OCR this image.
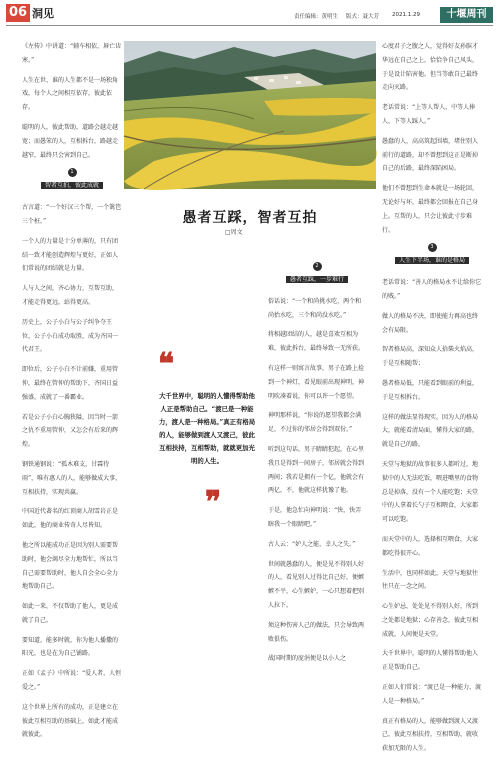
06 洞见	责任编辑：黄明生 版式：聂大芳 2021.1.29	十堰周刊

《左传》中讲道：“辅车相依，唇亡齿寒。”

人生在世，谁的人生都不是一场独角戏，每个人之间相互依存，彼此依存。

聪明的人，彼此帮助，道路会越走越宽；而愚笨的人，互相拆台，路越走越窄，最终只会害到自己。

1
智者互拍，彼此成就

古言道：“一个好汉三个帮，一个篱笆三个桩。”

一个人的力量是十分单薄的，只有团结一致才能创造辉煌与更好，正如人们常说的团结就是力量。

人与人之间，齐心协力，互帮互助，才能走得更远，站得更高。

历史上，公子小白与公子纠争夺王位，公子小白成功取胜，成为齐国一代君王。

即位后，公子小白不计前嫌，重用管仲，最终在管仲的帮助下，齐国日益强盛，成就了一番霸业。

若是公子小白心胸狭隘，因当时一箭之仇不重用管仲，又怎会有后来的辉煌。

钢铁通钢说：“孤木难支，甘霖待雨”，唯有惠人的人，能够做成大事，互相扶持，实现共赢。

中国近代著名的红顶商人胡雪岩正是如此，他的商业传奇人尽皆知。

他之所以能成功正是因为别人需要帮助时，他会竭尽全力地帮忙，所以当自己需要帮助时，他人自会全心全力地帮助自己。

如此一来，不仅帮助了他人，更是成就了自己。

要知道，能多时就，你为他人播撒的阳光，也是在为自己铺路。

正如《孟子》中所说：“爱人者，人恒爱之。”

这个世界上所有的成功，正是建立在彼此互相互助的基础上，如此才能成就彼此。

愚者互踩，智者互拍
□周文
❝
大千世界中，聪明的人懂得帮助他人正是帮助自己。“渡已是一种能力，渡人是一种格局。”真正有格局的人，能够做到渡人又渡己，彼此互相扶持，互相帮助，就就更加光明的人生。
❞
2
愚者互踩，一步难行

俗话说：“一个和尚挑水吃，两个和尚抬水吃，三个和尚没水吃。”

将相越团结的人，越是喜欢互相为难，彼此拆台，最终导致一无所获。

有这样一则寓言故事，男子在路上捡到一个神灯，看见眼前出现神明，神明吹凑着说，你可以许一个愿望。

神明那样说，“你说的愿望我都会满足，不过你的邻居会得到双份。”

听到这句话，男子睛睛犯起，在心里我且是得到一间房子，邻居就会得到两间；我若是拥有一个亿，他就会有两亿，不，他就这样犹豫了他。

于是，他急忙向神明说：“快，快弄瞎我一个眼睛吧。”

古人云：“妒人之能，幸人之失。”

世间就愚蠢的人，便是见不得别人好的人，看见别人过得比自己好，便嫉嫉不平，心生嫉妒，一心只想着把别人拉下。

须这种伤害人己的做法，只会导致两败俱伤。

战国时期的庞涓便是以小人之

心度君子之腹之人，觉得好友孙膑才华远在自己之上，恰恰争自己风头，于是设计陷害他。但当等敢自己最终走向灭路。

老话常说：“上等人帮人，中等人捧人，下等人踩人。”

愚蠢的人，高高筑起围墙，堵住别人前行的道路，却不曾想到这正是断掉自己的后路，最终深陷困局。

他们不曾想到生命本就是一场轮回，无论好与坏，最终都会回报在自己身上。互帮的人，只会让彼此寸步难行。

3
人生下半场，谁的是格局

老话常说：“善人的格局永不让给你它的贱。”

做人的格局不决，即使能力再高也终会有局限。

智者格局高，深知众人拾柴火焰高，于是互相随帮；

愚者格局低，只能看到眼前的利益，于是互相拆台。

这样的做法显得现实，因为人的格局大，就能看清局面，懂得大家的路，就是自己的路。

天堂与地狱的故事很多人都听过，地狱中的人无法吃饭，喂进嘴里的食物总是掉落，没有一个人能吃饱；天堂中的人拿着长勺子互相喂食，大家都可以吃饱。

而天堂中的人，选择相互喂食，大家都吃得很开心。

生活中，也同样如此，天堂与地狱往往只在一念之间。

心生妒忌，处处见不得别人好，所到之处都是地狱；心存善念，彼此互相成就，人间便是天堂。

大千世界中，聪明的人懂得帮助他人正是帮助自己。

正如人们常说：“渡已是一种能力，渡人是一种格局。”

真正有格局的人，能够做到渡人又渡己，彼此互相扶持，互相帮助，就收获加无限的人生。
